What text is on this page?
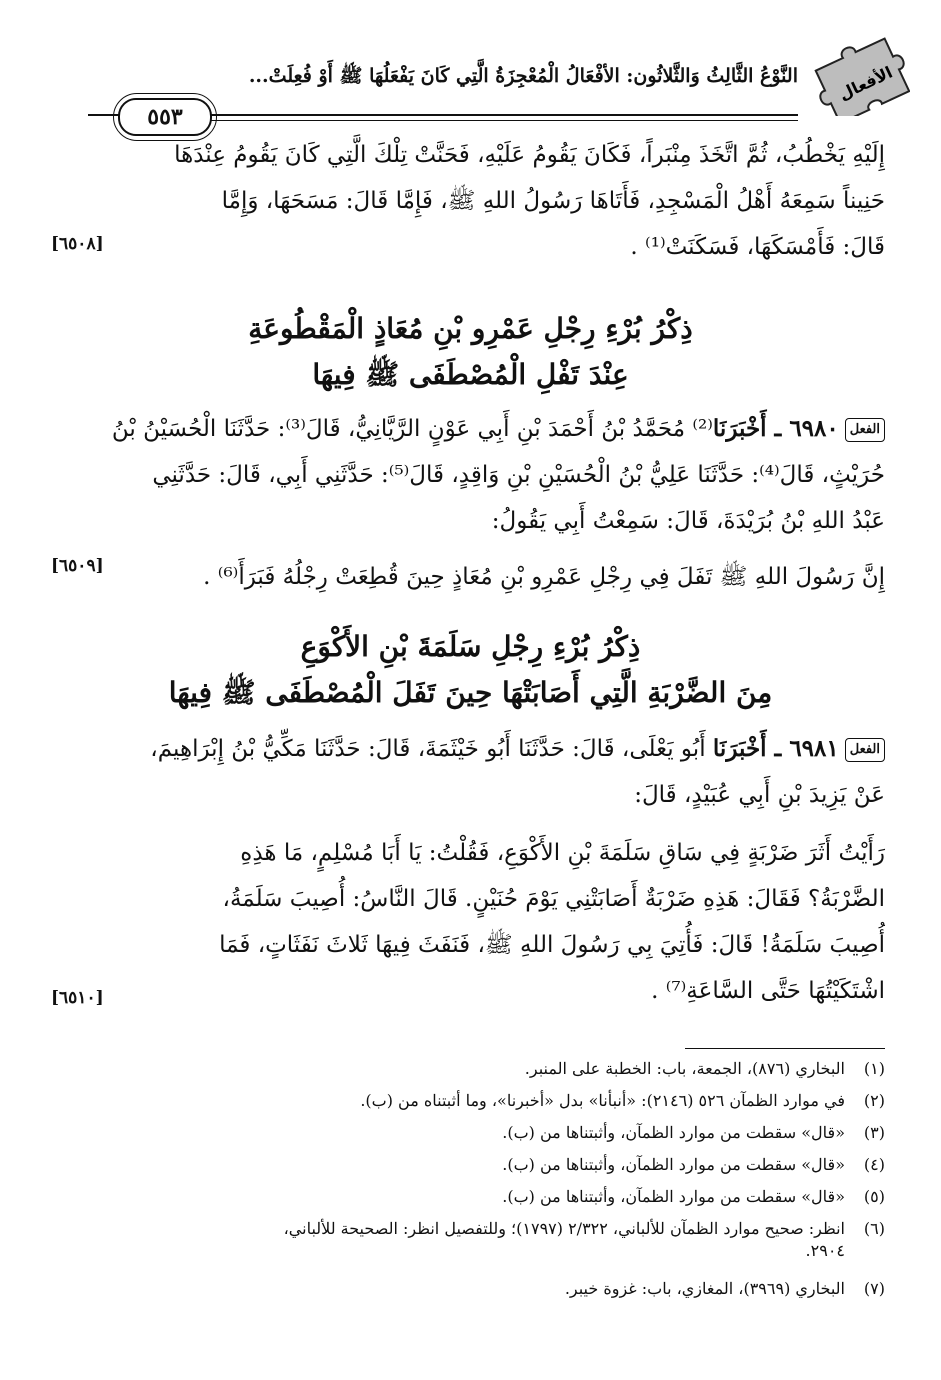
الأفعال
النَّوْعُ الثَّالِثُ وَالثَّلاثُون: الأفْعَالُ الْمُعْجِزَةُ الَّتِي كَانَ يَفْعَلُهَا ﷺ أَوْ فُعِلَتْ...
٥٥٣
إِلَيْهِ يَخْطُبُ، ثُمَّ اتَّخَذَ مِنْبَراً، فَكَانَ يَقُومُ عَلَيْهِ، فَحَنَّتْ تِلْكَ الَّتِي كَانَ يَقُومُ عِنْدَهَا
حَنِيناً سَمِعَهُ أَهْلُ الْمَسْجِدِ، فَأَتَاهَا رَسُولُ اللهِ ﷺ، فَإِمَّا قَالَ: مَسَحَهَا، وَإِمَّا
قَالَ: فَأَمْسَكَهَا، فَسَكَنَتْ⁽¹⁾ .
[٦٥٠٨]
ذِكْرُ بُرْءِ رِجْلِ عَمْرِو بْنِ مُعَاذٍ الْمَقْطُوعَةِ
عِنْدَ تَفْلِ الْمُصْطَفَى ﷺ فِيهَا
الفعل٦٩٨٠ ـ أَخْبَرَنَا⁽²⁾ مُحَمَّدُ بْنُ أَحْمَدَ بْنِ أَبِي عَوْنٍ الرَّيَّانِيُّ، قَالَ⁽³⁾: حَدَّثَنَا الْحُسَيْنُ بْنُ
حُرَيْثٍ، قَالَ⁽⁴⁾: حَدَّثَنَا عَلِيُّ بْنُ الْحُسَيْنِ بْنِ وَاقِدٍ، قَالَ⁽⁵⁾: حَدَّثَنِي أَبِي، قَالَ: حَدَّثَنِي
عَبْدُ اللهِ بْنُ بُرَيْدَةَ، قَالَ: سَمِعْتُ أَبِي يَقُولُ:
إِنَّ رَسُولَ اللهِ ﷺ تَفَلَ فِي رِجْلِ عَمْرِو بْنِ مُعَاذٍ حِينَ قُطِعَتْ رِجْلُهُ فَبَرَأَ⁽⁶⁾ .
[٦٥٠٩]
ذِكْرُ بُرْءِ رِجْلِ سَلَمَةَ بْنِ الأَكْوَعِ
مِنَ الضَّرْبَةِ الَّتِي أَصَابَتْهَا حِينَ تَفَلَ الْمُصْطَفَى ﷺ فِيهَا
الفعل٦٩٨١ ـ أَخْبَرَنَا أَبُو يَعْلَى، قَالَ: حَدَّثَنَا أَبُو خَيْثَمَةَ، قَالَ: حَدَّثَنَا مَكِّيُّ بْنُ إِبْرَاهِيمَ،
عَنْ يَزِيدَ بْنِ أَبِي عُبَيْدٍ، قَالَ:
رَأَيْتُ أَثَرَ ضَرْبَةٍ فِي سَاقِ سَلَمَةَ بْنِ الأَكْوَعِ، فَقُلْتُ: يَا أَبَا مُسْلِمٍ، مَا هَذِهِ
الضَّرْبَةُ؟ فَقَالَ: هَذِهِ ضَرْبَةٌ أَصَابَتْنِي يَوْمَ حُنَيْنٍ. قَالَ النَّاسُ: أُصِيبَ سَلَمَةُ،
أُصِيبَ سَلَمَةُ! قَالَ: فَأُتِيَ بِي رَسُولَ اللهِ ﷺ، فَنَفَثَ فِيهَا ثَلاثَ نَفَثَاتٍ، فَمَا
اشْتَكَيْتُهَا حَتَّى السَّاعَةِ⁽⁷⁾ .
[٦٥١٠]
(١)البخاري (٨٧٦)، الجمعة، باب: الخطبة على المنبر.
(٢)في موارد الظمآن ٥٢٦ (٢١٤٦): «أنبأنا» بدل «أخبرنا»، وما أثبتناه من (ب).
(٣)«قال» سقطت من موارد الظمآن، وأثبتناها من (ب).
(٤)«قال» سقطت من موارد الظمآن، وأثبتناها من (ب).
(٥)«قال» سقطت من موارد الظمآن، وأثبتناها من (ب).
(٦)انظر: صحيح موارد الظمآن للألباني، ٢/٣٢٢ (١٧٩٧)؛ وللتفصيل انظر: الصحيحة للألباني،
٢٩٠٤.
(٧)البخاري (٣٩٦٩)، المغازي، باب: غزوة خيبر.
